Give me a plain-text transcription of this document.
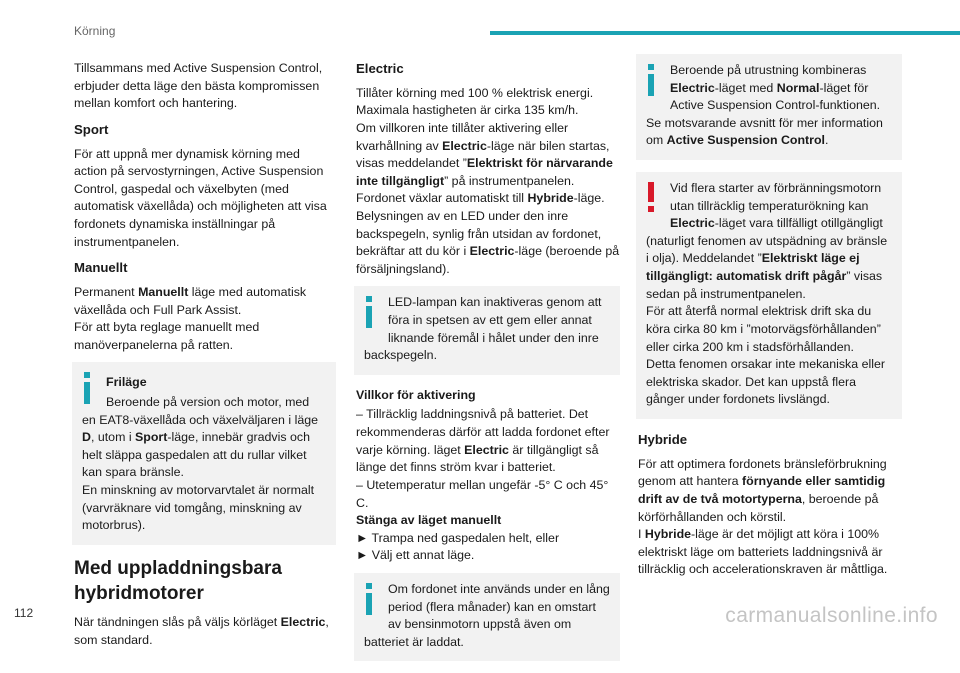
Körning

Tillsammans med Active Suspension Control, erbjuder detta läge den bästa kompromissen mellan komfort och hantering.

Sport

För att uppnå mer dynamisk körning med action på servostyrningen, Active Suspension Control, gaspedal och växelbyten (med automatisk växellåda) och möjligheten att visa fordonets dynamiska inställningar på instrumentpanelen.

Manuellt

Permanent Manuellt läge med automatisk växellåda och Full Park Assist.
För att byta reglage manuellt med manöverpanelerna på ratten.

Friläge
Beroende på version och motor, med en EAT8-växellåda och växelväljaren i läge D, utom i Sport-läge, innebär gradvis och helt släppa gaspedalen att du rullar vilket kan spara bränsle.
En minskning av motorvarvtalet är normalt (varvräknare vid tomgång, minskning av motorbrus).
Med uppladdningsbara hybridmotorer

När tändningen slås på väljs körläget Electric, som standard.

Electric

Tillåter körning med 100 % elektrisk energi. Maximala hastigheten är cirka 135 km/h.
Om villkoren inte tillåter aktivering eller kvarhållning av Electric-läge när bilen startas, visas meddelandet ”Elektriskt för närvarande inte tillgängligt” på instrumentpanelen.
Fordonet växlar automatiskt till Hybride-läge.
Belysningen av en LED under den inre backspegeln, synlig från utsidan av fordonet, bekräftar att du kör i Electric-läge (beroende på försäljningsland).

LED-lampan kan inaktiveras genom att föra in spetsen av ett gem eller annat liknande föremål i hålet under den inre backspegeln.
Villkor för aktivering

– Tillräcklig laddningsnivå på batteriet. Det rekommenderas därför att ladda fordonet efter varje körning. läget Electric är tillgängligt så länge det finns ström kvar i batteriet.
– Utetemperatur mellan ungefär -5° C och 45° C.
Stänga av läget manuellt
► Trampa ned gaspedalen helt, eller
► Välj ett annat läge.

Om fordonet inte används under en lång period (flera månader) kan en omstart av bensinmotorn uppstå även om batteriet är laddat.
Beroende på utrustning kombineras Electric-läget med Normal-läget för Active Suspension Control-funktionen.
Se motsvarande avsnitt för mer information om Active Suspension Control.
Vid flera starter av förbränningsmotorn utan tillräcklig temperaturökning kan Electric-läget vara tillfälligt otillgängligt (naturligt fenomen av utspädning av bränsle i olja). Meddelandet ”Elektriskt läge ej tillgängligt: automatisk drift pågår” visas sedan på instrumentpanelen.
För att återfå normal elektrisk drift ska du köra cirka 80 km i ”motorvägsförhållanden” eller cirka 200 km i stadsförhållanden.
Detta fenomen orsakar inte mekaniska eller elektriska skador. Det kan uppstå flera gånger under fordonets livslängd.
Hybride

För att optimera fordonets bränsleförbrukning genom att hantera förnyande eller samtidig drift av de två motortyperna, beroende på körförhållanden och körstil.
I Hybride-läge är det möjligt att köra i 100% elektriskt läge om batteriets laddningsnivå är tillräcklig och accelerationskraven är måttliga.

112	carmanualsonline.info
